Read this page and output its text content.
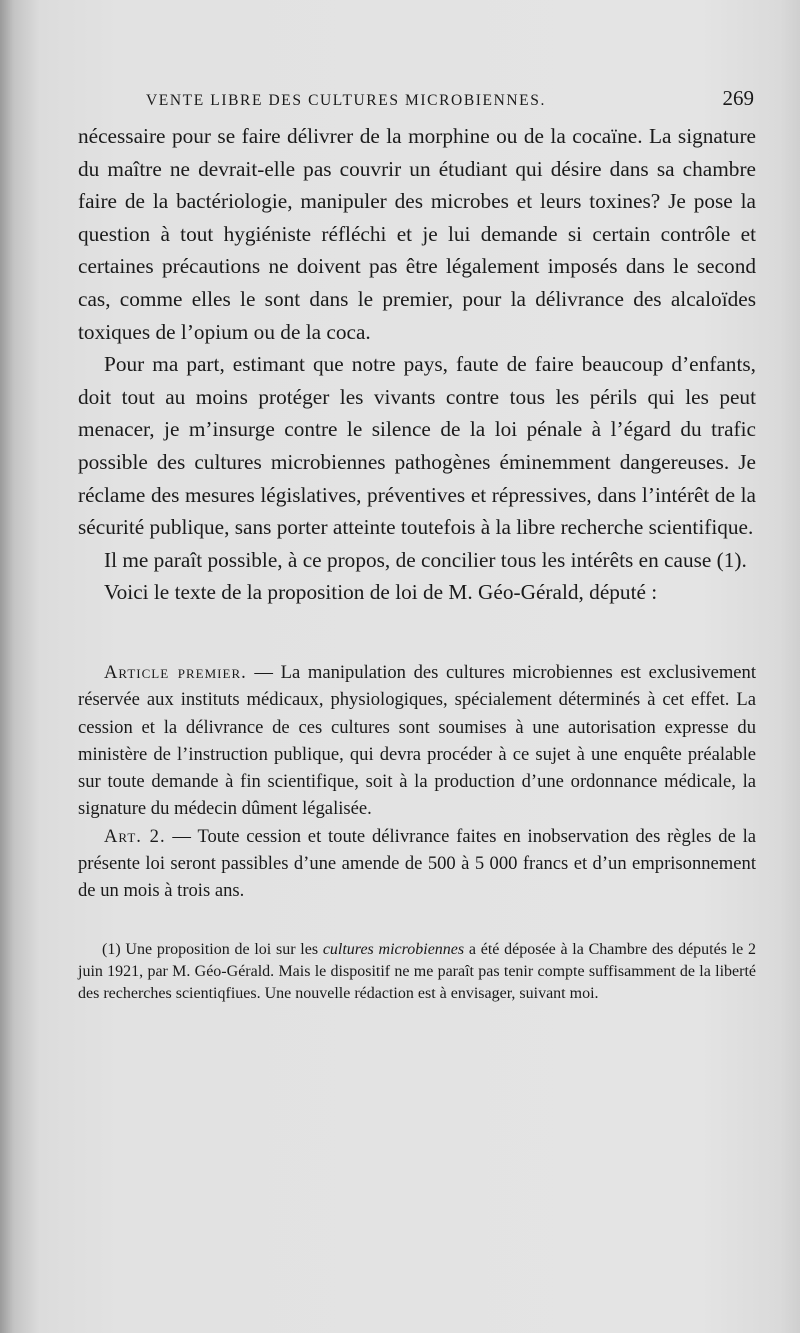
VENTE LIBRE DES CULTURES MICROBIENNES.	269

nécessaire pour se faire délivrer de la morphine ou de la cocaïne. La signature du maître ne devrait-elle pas couvrir un étudiant qui désire dans sa chambre faire de la bactériologie, manipuler des microbes et leurs toxines? Je pose la question à tout hygiéniste réfléchi et je lui demande si certain contrôle et certaines précautions ne doivent pas être légalement imposés dans le second cas, comme elles le sont dans le premier, pour la délivrance des alcaloïdes toxiques de l’opium ou de la coca.

Pour ma part, estimant que notre pays, faute de faire beaucoup d’enfants, doit tout au moins protéger les vivants contre tous les périls qui les peut menacer, je m’insurge contre le silence de la loi pénale à l’égard du trafic possible des cultures microbiennes pathogènes éminemment dangereuses. Je réclame des mesures législatives, préventives et répressives, dans l’intérêt de la sécurité publique, sans porter atteinte toutefois à la libre recherche scientifique.

Il me paraît possible, à ce propos, de concilier tous les intérêts en cause (1).

Voici le texte de la proposition de loi de M. Géo-Gérald, député :

Article premier. — La manipulation des cultures microbiennes est exclusivement réservée aux instituts médicaux, physiologiques, spécialement déterminés à cet effet. La cession et la délivrance de ces cultures sont soumises à une autorisation expresse du ministère de l’instruction publique, qui devra procéder à ce sujet à une enquête préalable sur toute demande à fin scientifique, soit à la production d’une ordonnance médicale, la signature du médecin dûment légalisée.

Art. 2. — Toute cession et toute délivrance faites en inobservation des règles de la présente loi seront passibles d’une amende de 500 à 5 000 francs et d’un emprisonnement de un mois à trois ans.

(1) Une proposition de loi sur les cultures microbiennes a été déposée à la Chambre des députés le 2 juin 1921, par M. Géo-Gérald. Mais le dispositif ne me paraît pas tenir compte suffisamment de la liberté des recherches scientiqfiues. Une nouvelle rédaction est à envisager, suivant moi.
